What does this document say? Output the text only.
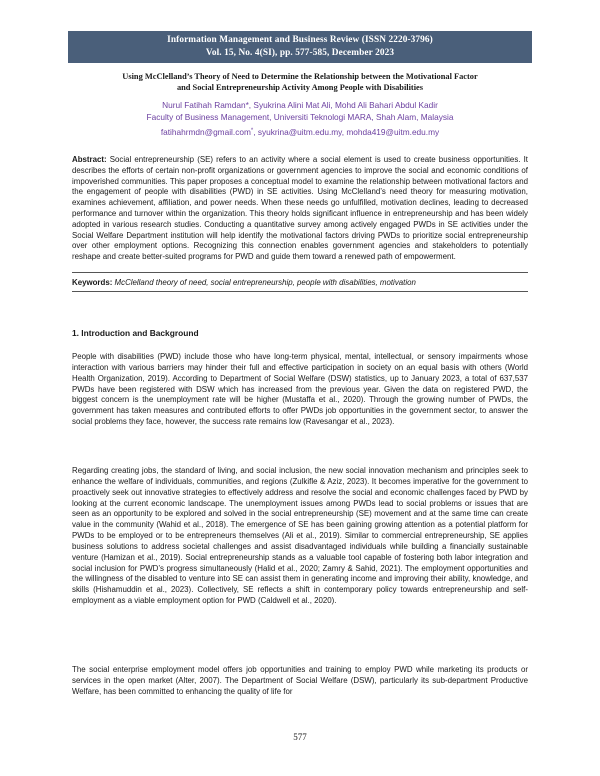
Information Management and Business Review (ISSN 2220-3796)
Vol. 15, No. 4(SI), pp. 577-585, December 2023
Using McClelland’s Theory of Need to Determine the Relationship between the Motivational Factor
and Social Entrepreneurship Activity Among People with Disabilities
Nurul Fatihah Ramdan*, Syukrina Alini Mat Ali, Mohd Ali Bahari Abdul Kadir
Faculty of Business Management, Universiti Teknologi MARA, Shah Alam, Malaysia
fatihahrmdn@gmail.com*, syukrina@uitm.edu.my, mohda419@uitm.edu.my
Abstract: Social entrepreneurship (SE) refers to an activity where a social element is used to create business opportunities. It describes the efforts of certain non-profit organizations or government agencies to improve the social and economic conditions of impoverished communities. This paper proposes a conceptual model to examine the relationship between motivational factors and the engagement of people with disabilities (PWD) in SE activities. Using McClelland’s need theory for measuring motivation, examines achievement, affiliation, and power needs. When these needs go unfulfilled, motivation declines, leading to decreased performance and turnover within the organization. This theory holds significant influence in entrepreneurship and has been widely adopted in various research studies. Conducting a quantitative survey among actively engaged PWDs in SE activities under the Social Welfare Department institution will help identify the motivational factors driving PWDs to prioritize social entrepreneurship over other employment options. Recognizing this connection enables government agencies and stakeholders to potentially reshape and create better-suited programs for PWD and guide them toward a renewed path of empowerment.
Keywords: McClelland theory of need, social entrepreneurship, people with disabilities, motivation
1. Introduction and Background

People with disabilities (PWD) include those who have long-term physical, mental, intellectual, or sensory impairments whose interaction with various barriers may hinder their full and effective participation in society on an equal basis with others (World Health Organization, 2019). According to Department of Social Welfare (DSW) statistics, up to January 2023, a total of 637,537 PWDs have been registered with DSW which has increased from the previous year. Given the data on registered PWD, the biggest concern is the unemployment rate will be higher (Mustaffa et al., 2020). Through the growing number of PWDs, the government has taken measures and contributed efforts to offer PWDs job opportunities in the government sector, to answer the social problems they face, however, the success rate remains low (Ravesangar et al., 2023).

Regarding creating jobs, the standard of living, and social inclusion, the new social innovation mechanism and principles seek to enhance the welfare of individuals, communities, and regions (Zulkifle & Aziz, 2023). It becomes imperative for the government to proactively seek out innovative strategies to effectively address and resolve the social and economic challenges faced by PWD by looking at the current economic landscape. The unemployment issues among PWDs lead to social problems or issues that are seen as an opportunity to be explored and solved in the social entrepreneurship (SE) movement and at the same time can create value in the community (Wahid et al., 2018). The emergence of SE has been gaining growing attention as a potential platform for PWDs to be employed or to be entrepreneurs themselves (Ali et al., 2019). Similar to commercial entrepreneurship, SE applies business solutions to address societal challenges and assist disadvantaged individuals while building a financially sustainable venture (Hamizan et al., 2019). Social entrepreneurship stands as a valuable tool capable of fostering both labor integration and social inclusion for PWD’s progress simultaneously (Halid et al., 2020; Zamry & Sahid, 2021). The employment opportunities and the willingness of the disabled to venture into SE can assist them in generating income and improving their ability, knowledge, and skills (Hishamuddin et al., 2023). Collectively, SE reflects a shift in contemporary policy towards entrepreneurship and self-employment as a viable employment option for PWD (Caldwell et al., 2020).

The social enterprise employment model offers job opportunities and training to employ PWD while marketing its products or services in the open market (Alter, 2007). The Department of Social Welfare (DSW), particularly its sub-department Productive Welfare, has been committed to enhancing the quality of life for

577
